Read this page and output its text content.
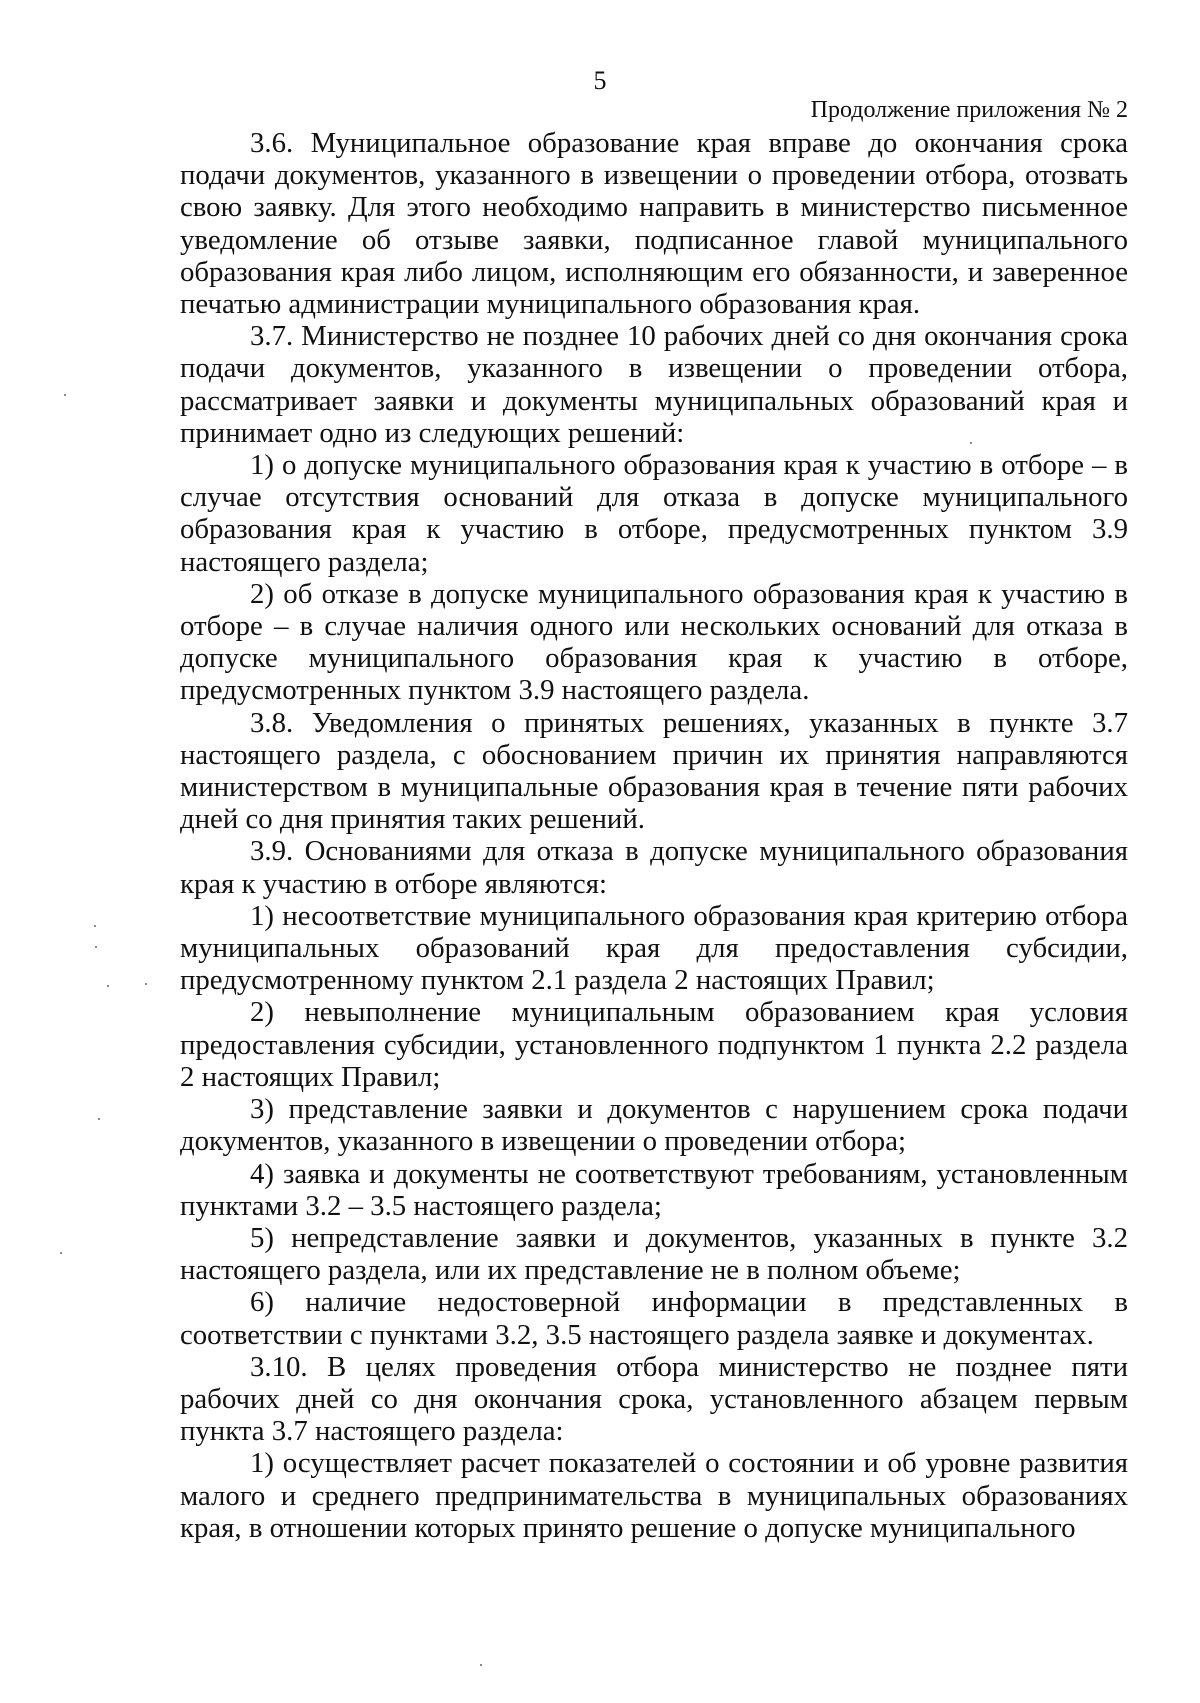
5
Продолжение приложения № 2

3.6. Муниципальное образование края вправе до окончания срока подачи документов, указанного в извещении о проведении отбора, отозвать свою заявку. Для этого необходимо направить в министерство письменное уведомление об отзыве заявки, подписанное главой муниципального образования края либо лицом, исполняющим его обязанности, и заверенное печатью администрации муниципального образования края.

3.7. Министерство не позднее 10 рабочих дней со дня окончания срока подачи документов, указанного в извещении о проведении отбора, рассматривает заявки и документы муниципальных образований края и принимает одно из следующих решений:

1) о допуске муниципального образования края к участию в отборе – в случае отсутствия оснований для отказа в допуске муниципального образования края к участию в отборе, предусмотренных пунктом 3.9 настоящего раздела;

2) об отказе в допуске муниципального образования края к участию в отборе – в случае наличия одного или нескольких оснований для отказа в допуске муниципального образования края к участию в отборе, предусмотренных пунктом 3.9 настоящего раздела.

3.8. Уведомления о принятых решениях, указанных в пункте 3.7 настоящего раздела, с обоснованием причин их принятия направляются министерством в муниципальные образования края в течение пяти рабочих дней со дня принятия таких решений.

3.9. Основаниями для отказа в допуске муниципального образования края к участию в отборе являются:

1) несоответствие муниципального образования края критерию отбора муниципальных образований края для предоставления субсидии, предусмотренному пунктом 2.1 раздела 2 настоящих Правил;

2) невыполнение муниципальным образованием края условия предоставления субсидии, установленного подпунктом 1 пункта 2.2 раздела 2 настоящих Правил;

3) представление заявки и документов с нарушением срока подачи документов, указанного в извещении о проведении отбора;

4) заявка и документы не соответствуют требованиям, установленным пунктами 3.2 – 3.5 настоящего раздела;

5) непредставление заявки и документов, указанных в пункте 3.2 настоящего раздела, или их представление не в полном объеме;

6) наличие недостоверной информации в представленных в соответствии с пунктами 3.2, 3.5 настоящего раздела заявке и документах.

3.10. В целях проведения отбора министерство не позднее пяти рабочих дней со дня окончания срока, установленного абзацем первым пункта 3.7 настоящего раздела:

1) осуществляет расчет показателей о состоянии и об уровне развития малого и среднего предпринимательства в муниципальных образованиях края, в отношении которых принято решение о допуске муниципального
